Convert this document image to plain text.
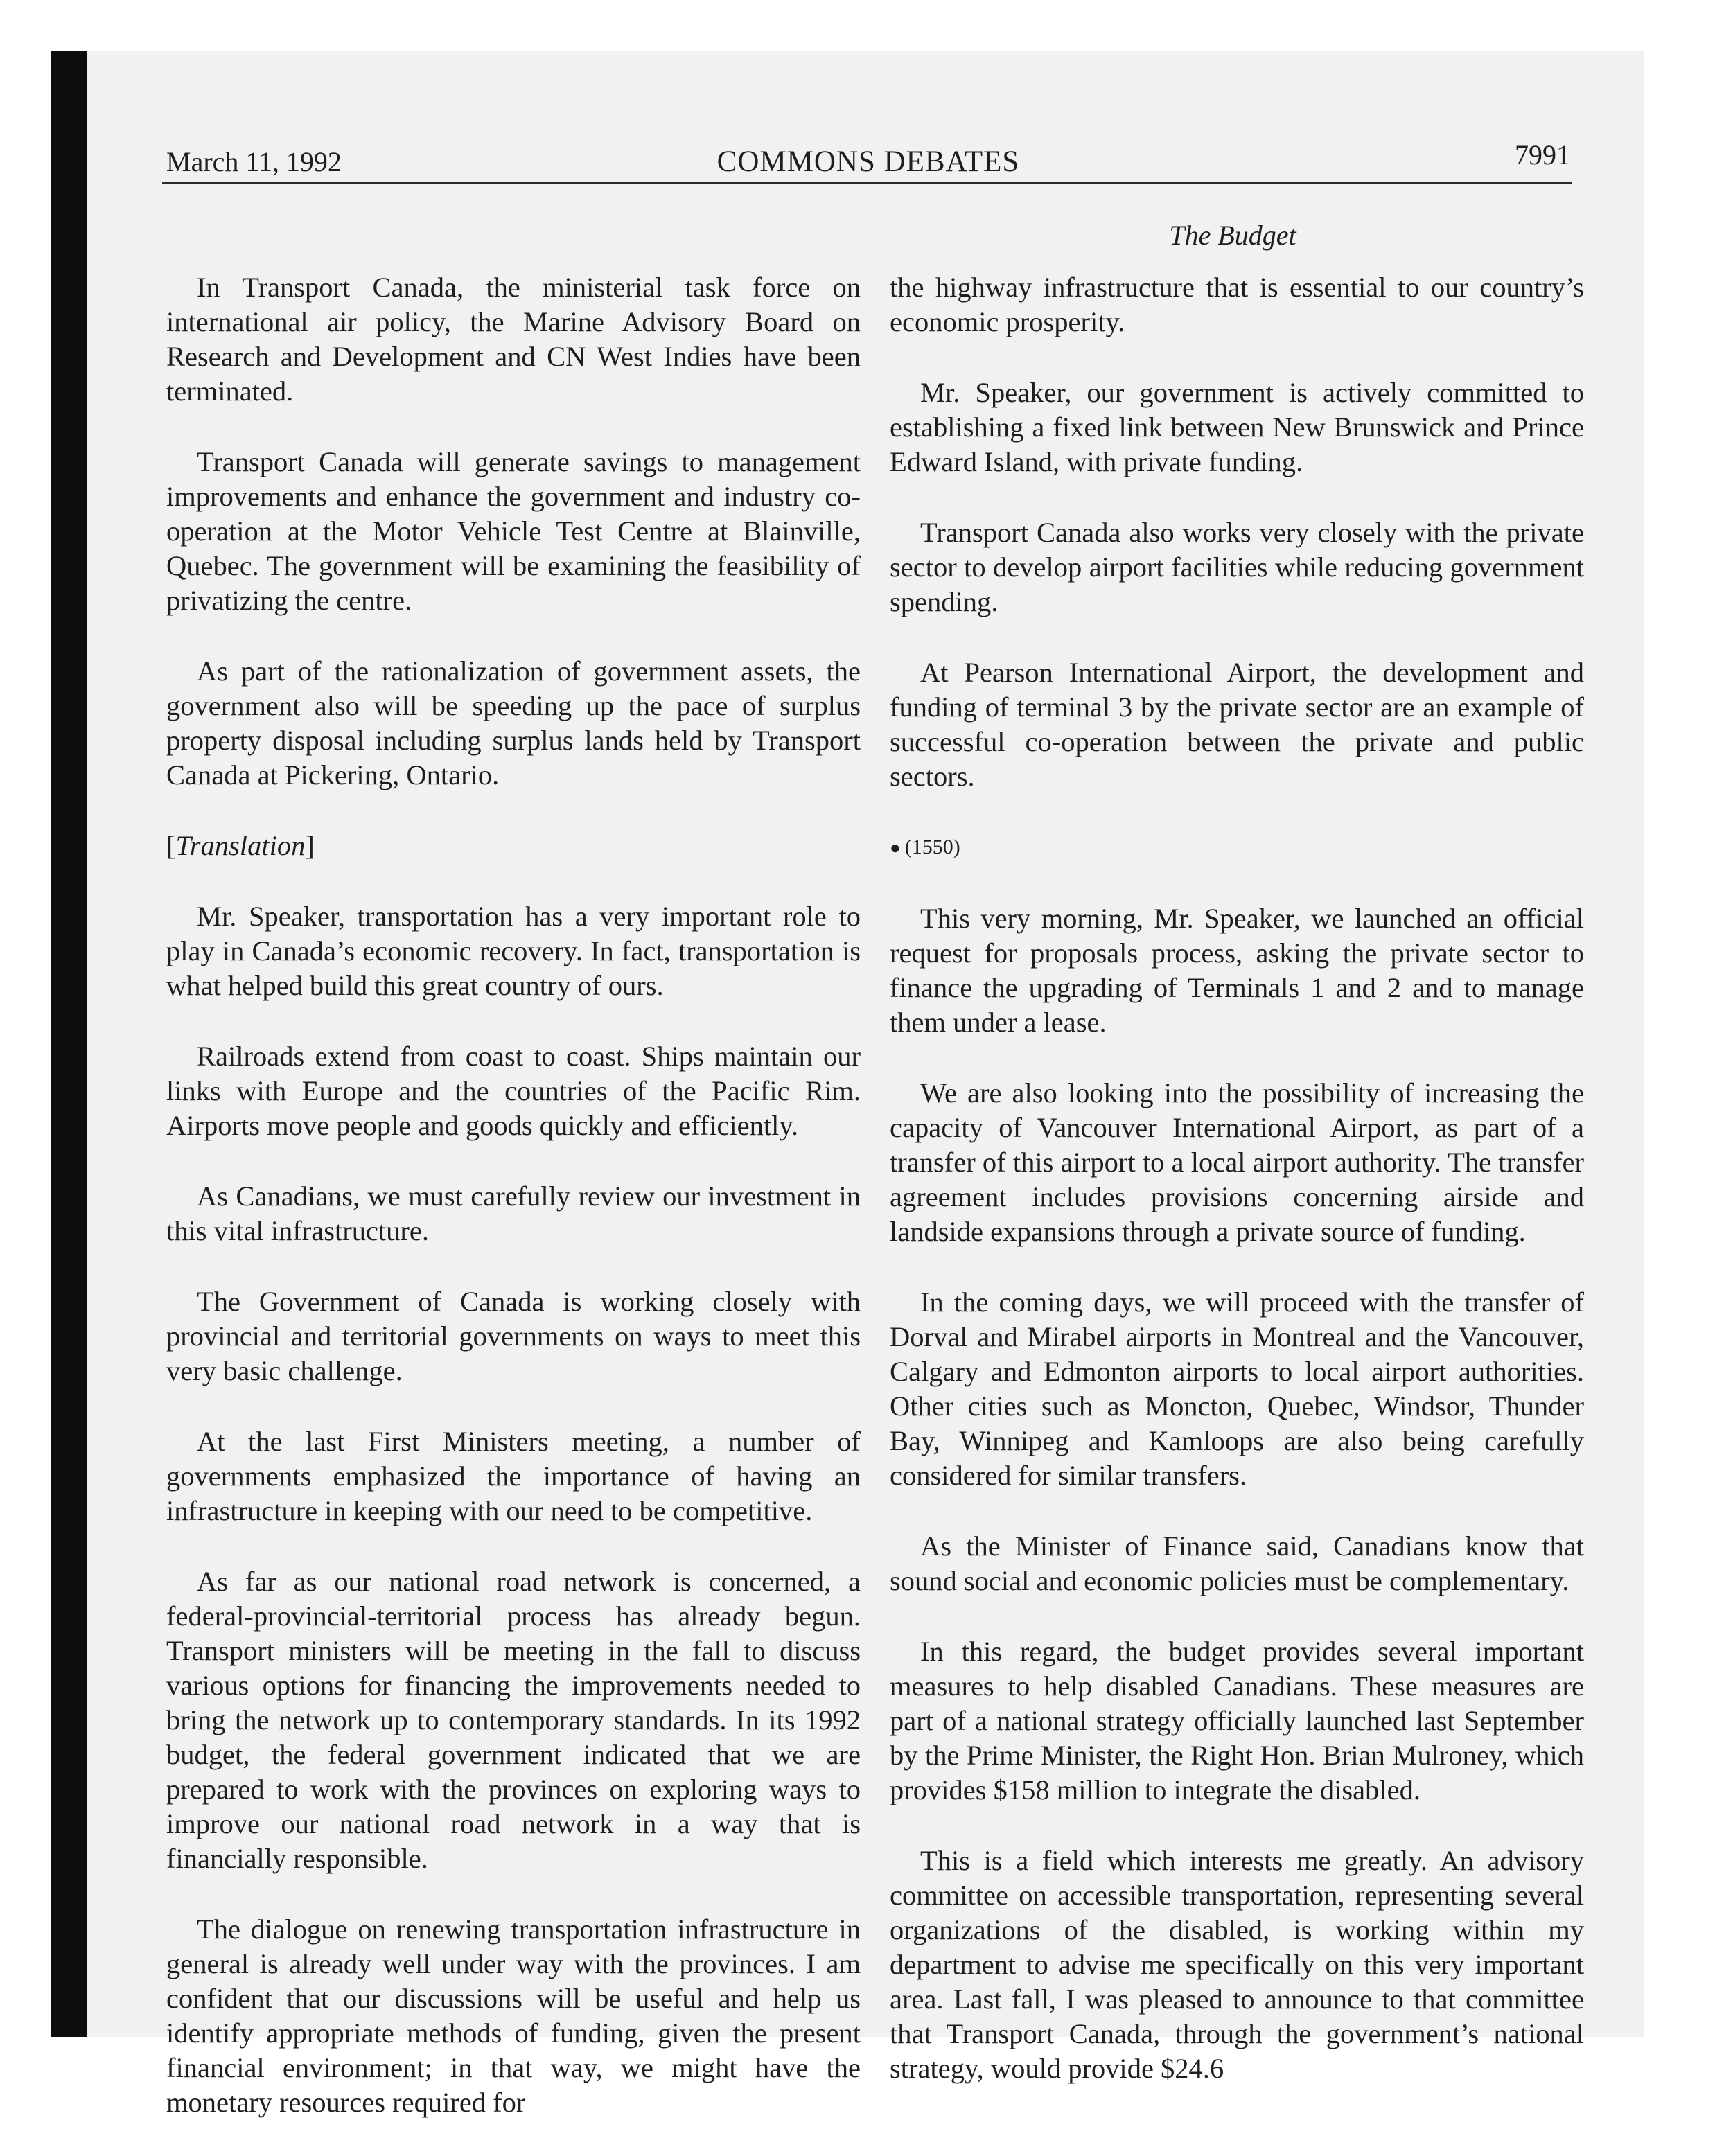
March 11, 1992	COMMONS DEBATES	7991
The Budget

In Transport Canada, the ministerial task force on international air policy, the Marine Advisory Board on Research and Development and CN West Indies have been terminated.

Transport Canada will generate savings to management improvements and enhance the government and industry co-operation at the Motor Vehicle Test Centre at Blainville, Quebec. The government will be examining the feasibility of privatizing the centre.

As part of the rationalization of government assets, the government also will be speeding up the pace of surplus property disposal including surplus lands held by Transport Canada at Pickering, Ontario.

[Translation]

Mr. Speaker, transportation has a very important role to play in Canada’s economic recovery. In fact, transportation is what helped build this great country of ours.

Railroads extend from coast to coast. Ships maintain our links with Europe and the countries of the Pacific Rim. Airports move people and goods quickly and efficiently.

As Canadians, we must carefully review our investment in this vital infrastructure.

The Government of Canada is working closely with provincial and territorial governments on ways to meet this very basic challenge.

At the last First Ministers meeting, a number of governments emphasized the importance of having an infrastructure in keeping with our need to be competitive.

As far as our national road network is concerned, a federal-provincial-territorial process has already begun. Transport ministers will be meeting in the fall to discuss various options for financing the improvements needed to bring the network up to contemporary standards. In its 1992 budget, the federal government indicated that we are prepared to work with the provinces on exploring ways to improve our national road network in a way that is financially responsible.

The dialogue on renewing transportation infrastructure in general is already well under way with the provinces. I am confident that our discussions will be useful and help us identify appropriate methods of funding, given the present financial environment; in that way, we might have the monetary resources required for

the highway infrastructure that is essential to our country’s economic prosperity.

Mr. Speaker, our government is actively committed to establishing a fixed link between New Brunswick and Prince Edward Island, with private funding.

Transport Canada also works very closely with the private sector to develop airport facilities while reducing government spending.

At Pearson International Airport, the development and funding of terminal 3 by the private sector are an example of successful co-operation between the private and public sectors.

● (1550)

This very morning, Mr. Speaker, we launched an official request for proposals process, asking the private sector to finance the upgrading of Terminals 1 and 2 and to manage them under a lease.

We are also looking into the possibility of increasing the capacity of Vancouver International Airport, as part of a transfer of this airport to a local airport authority. The transfer agreement includes provisions concerning airside and landside expansions through a private source of funding.

In the coming days, we will proceed with the transfer of Dorval and Mirabel airports in Montreal and the Vancouver, Calgary and Edmonton airports to local airport authorities. Other cities such as Moncton, Quebec, Windsor, Thunder Bay, Winnipeg and Kamloops are also being carefully considered for similar transfers.

As the Minister of Finance said, Canadians know that sound social and economic policies must be complementary.

In this regard, the budget provides several important measures to help disabled Canadians. These measures are part of a national strategy officially launched last September by the Prime Minister, the Right Hon. Brian Mulroney, which provides $158 million to integrate the disabled.

This is a field which interests me greatly. An advisory committee on accessible transportation, representing several organizations of the disabled, is working within my department to advise me specifically on this very important area. Last fall, I was pleased to announce to that committee that Transport Canada, through the government’s national strategy, would provide $24.6
